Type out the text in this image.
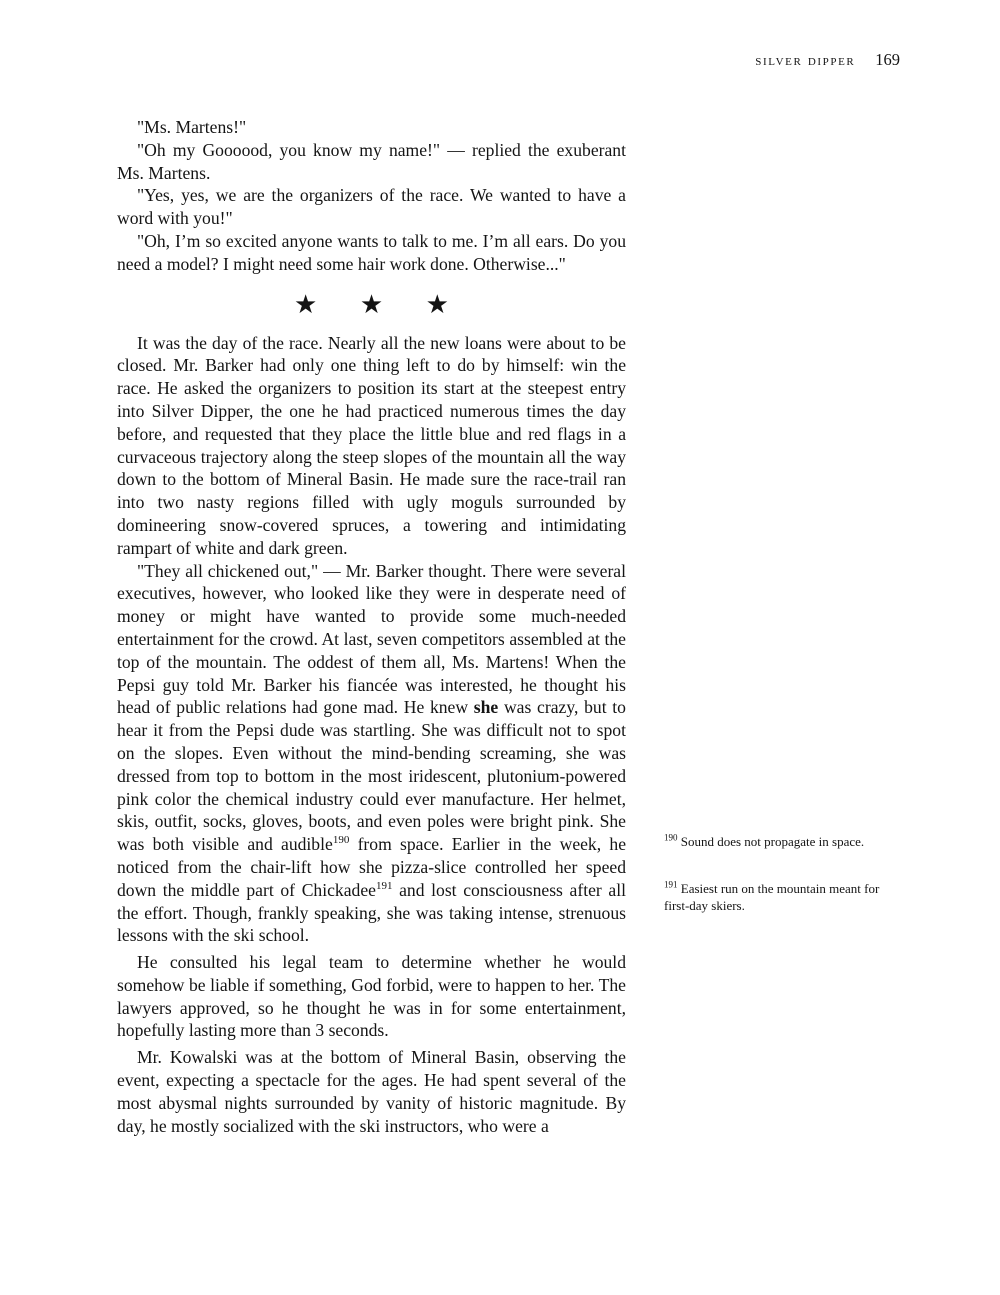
silver dipper 169

"Ms. Martens!"

"Oh my Goooood, you know my name!" — replied the exuberant Ms. Martens.

"Yes, yes, we are the organizers of the race. We wanted to have a word with you!"

"Oh, I’m so excited anyone wants to talk to me. I’m all ears. Do you need a model? I might need some hair work done. Otherwise..."

★ ★ ★

It was the day of the race. Nearly all the new loans were about to be closed. Mr. Barker had only one thing left to do by himself: win the race. He asked the organizers to position its start at the steepest entry into Silver Dipper, the one he had practiced numerous times the day before, and requested that they place the little blue and red flags in a curvaceous trajectory along the steep slopes of the mountain all the way down to the bottom of Mineral Basin. He made sure the race-trail ran into two nasty regions filled with ugly moguls surrounded by domineering snow-covered spruces, a towering and intimidating rampart of white and dark green.

"They all chickened out," — Mr. Barker thought. There were several executives, however, who looked like they were in desperate need of money or might have wanted to provide some much-needed entertainment for the crowd. At last, seven competitors assembled at the top of the mountain. The oddest of them all, Ms. Martens! When the Pepsi guy told Mr. Barker his fiancée was interested, he thought his head of public relations had gone mad. He knew she was crazy, but to hear it from the Pepsi dude was startling. She was difficult not to spot on the slopes. Even without the mind-bending screaming, she was dressed from top to bottom in the most iridescent, plutonium-powered pink color the chemical industry could ever manufacture. Her helmet, skis, outfit, socks, gloves, boots, and even poles were bright pink. She was both visible and audible$^{190}$ from space. Earlier in the week, he noticed from the chair-lift how she pizza-slice controlled her speed down the middle part of Chickadee$^{191}$ and lost consciousness after all the effort. Though, frankly speaking, she was taking intense, strenuous lessons with the ski school.

He consulted his legal team to determine whether he would somehow be liable if something, God forbid, were to happen to her. The lawyers approved, so he thought he was in for some entertainment, hopefully lasting more than 3 seconds.

Mr. Kowalski was at the bottom of Mineral Basin, observing the event, expecting a spectacle for the ages. He had spent several of the most abysmal nights surrounded by vanity of historic magnitude. By day, he mostly socialized with the ski instructors, who were a

$^{190}$ Sound does not propagate in space.
$^{191}$ Easiest run on the mountain meant for first-day skiers.
